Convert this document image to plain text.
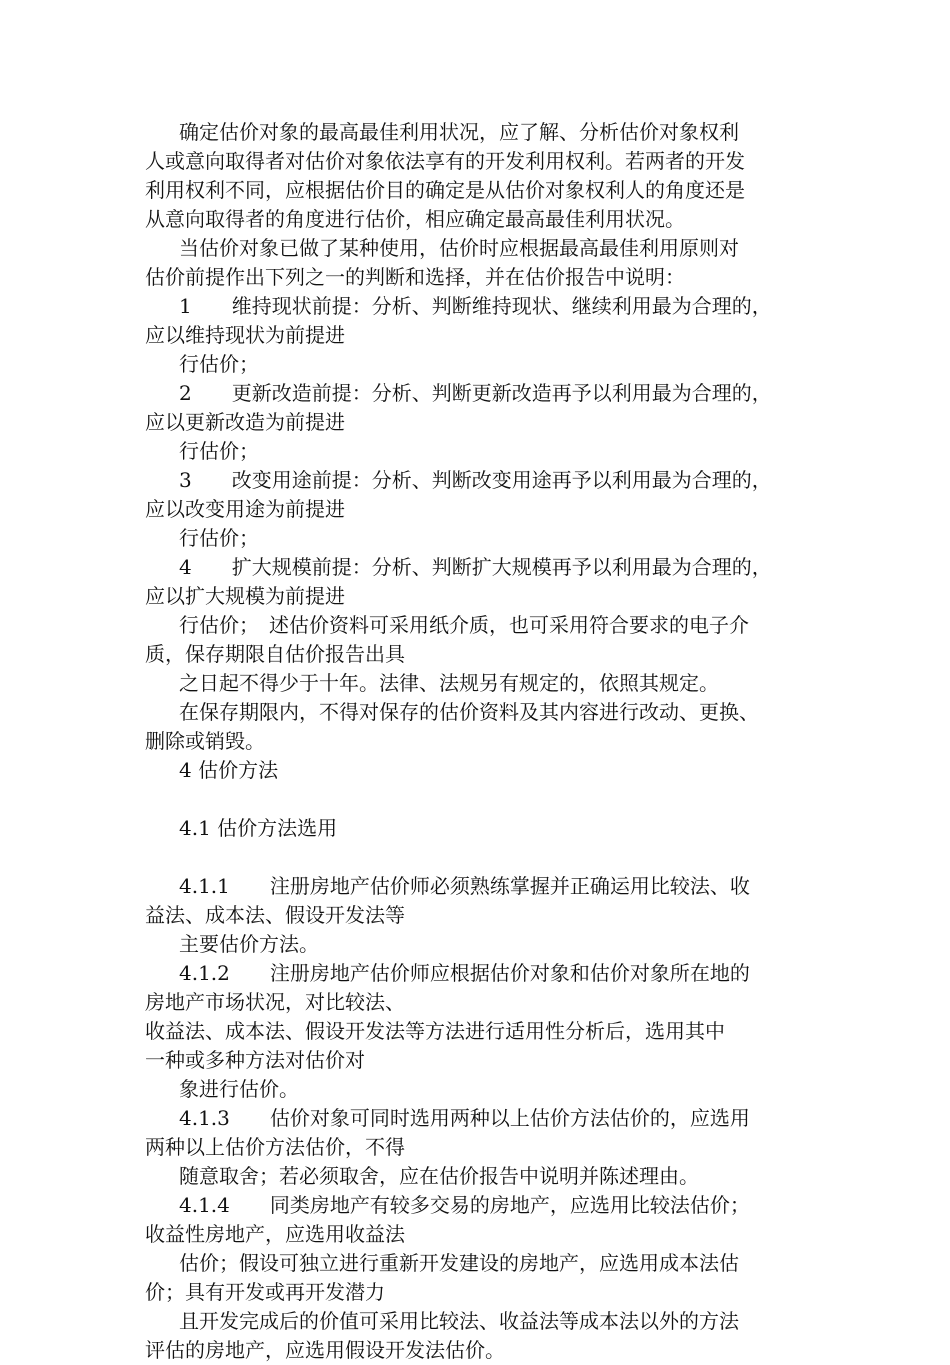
确定估价对象的最高最佳利用状况，应了解、分析估价对象权利
人或意向取得者对估价对象依法享有的开发利用权利。若两者的开发
利用权利不同，应根据估价目的确定是从估价对象权利人的角度还是
从意向取得者的角度进行估价，相应确定最高最佳利用状况。
当估价对象已做了某种使用，估价时应根据最高最佳利用原则对
估价前提作出下列之一的判断和选择，并在估价报告中说明：
1　　维持现状前提：分析、判断维持现状、继续利用最为合理的，
应以维持现状为前提进
行估价；
2　　更新改造前提：分析、判断更新改造再予以利用最为合理的，
应以更新改造为前提进
行估价；
3　　改变用途前提：分析、判断改变用途再予以利用最为合理的，
应以改变用途为前提进
行估价；
4　　扩大规模前提：分析、判断扩大规模再予以利用最为合理的，
应以扩大规模为前提进
行估价；　述估价资料可采用纸介质，也可采用符合要求的电子介
质，保存期限自估价报告出具
之日起不得少于十年。法律、法规另有规定的，依照其规定。
在保存期限内，不得对保存的估价资料及其内容进行改动、更换、
删除或销毁。
4 估价方法
4.1 估价方法选用
4.1.1　　注册房地产估价师必须熟练掌握并正确运用比较法、收
益法、成本法、假设开发法等
主要估价方法。
4.1.2　　注册房地产估价师应根据估价对象和估价对象所在地的
房地产市场状况，对比较法、
收益法、成本法、假设开发法等方法进行适用性分析后，选用其中
一种或多种方法对估价对
象进行估价。
4.1.3　　估价对象可同时选用两种以上估价方法估价的，应选用
两种以上估价方法估价，不得
随意取舍；若必须取舍，应在估价报告中说明并陈述理由。
4.1.4　　同类房地产有较多交易的房地产，应选用比较法估价；
收益性房地产，应选用收益法
估价；假设可独立进行重新开发建设的房地产，应选用成本法估
价；具有开发或再开发潜力
且开发完成后的价值可采用比较法、收益法等成本法以外的方法
评估的房地产，应选用假设开发法估价。
